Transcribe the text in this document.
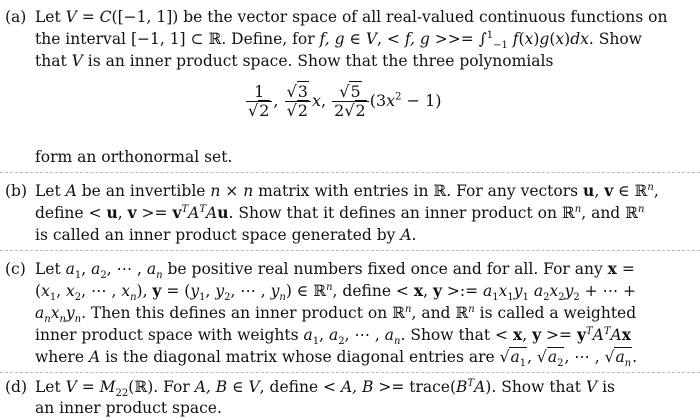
(a) Let V = C([−1, 1]) be the vector space of all real-valued continuous functions on
the interval [−1, 1] ⊂ ℝ. Define, for f, g ∈ V, < f, g >>= ∫$^1_{-1}$ f(x)g(x)dx. Show
that V is an inner product space. Show that the three polynomials
$\frac{1}{√2}$ , $\frac{√3}{√2} x$, $\frac{√5}{2√2} (3x^2 - 1)$
form an orthonormal set.
(b) Let A be an invertible n × n matrix with entries in ℝ. For any vectors u, v ∈ ℝ$^n$,
define < u, $v >= v^TA^TAu$. Show that it defines an inner product on ℝ$^n$, and ℝ$^n$
is called an inner product space generated by A.
(c) Let $a_1$, $a_2$, ⋯ , $a_n$ be positive real numbers fixed once and for all. For any x =
($x_1$, $x_2$, ⋯ , $x_n$), $y = (y_1$, $y_2$, ⋯ , $y_n$) ∈ ℝ$^n$, define < x, y >:= $a_1x_1y_1$ $a_2x_2y_2$ + ⋯ +
$a_nx_ny_n$. Then this defines an inner product on ℝ$^n$, and ℝ$^n$ is called a weighted
inner product space with weights $a_1$, $a_2$, ⋯ , $a_n$. Show that < x, $y >= y^TA^TAx$
where A is the diagonal matrix whose diagonal entries are $√a_1$, $√a_2$, ⋯ , $√a_n$.
(d) Let $V = M_{22}(ℝ)$. For A, B ∈ V, define < A, $B >= trace(B^TA)$. Show that V is
an inner product space.
